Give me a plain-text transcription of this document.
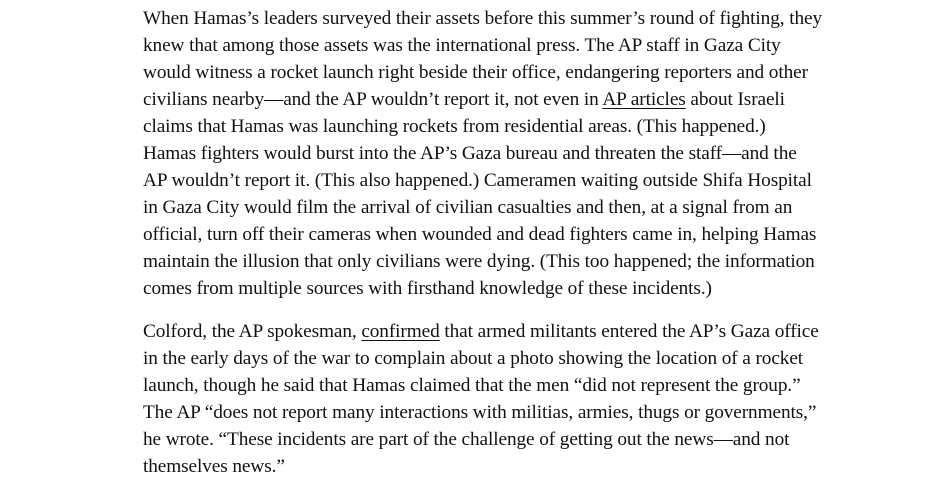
When Hamas’s leaders surveyed their assets before this summer’s round of fighting, they knew that among those assets was the international press. The AP staff in Gaza City would witness a rocket launch right beside their office, endangering reporters and other civilians nearby—and the AP wouldn’t report it, not even in AP articles about Israeli claims that Hamas was launching rockets from residential areas. (This happened.) Hamas fighters would burst into the AP’s Gaza bureau and threaten the staff—and the AP wouldn’t report it. (This also happened.) Cameramen waiting outside Shifa Hospital in Gaza City would film the arrival of civilian casualties and then, at a signal from an official, turn off their cameras when wounded and dead fighters came in, helping Hamas maintain the illusion that only civilians were dying. (This too happened; the information comes from multiple sources with firsthand knowledge of these incidents.)

Colford, the AP spokesman, confirmed that armed militants entered the AP’s Gaza office in the early days of the war to complain about a photo showing the location of a rocket launch, though he said that Hamas claimed that the men “did not represent the group.” The AP “does not report many interactions with militias, armies, thugs or governments,” he wrote. “These incidents are part of the challenge of getting out the news—and not themselves news.”
